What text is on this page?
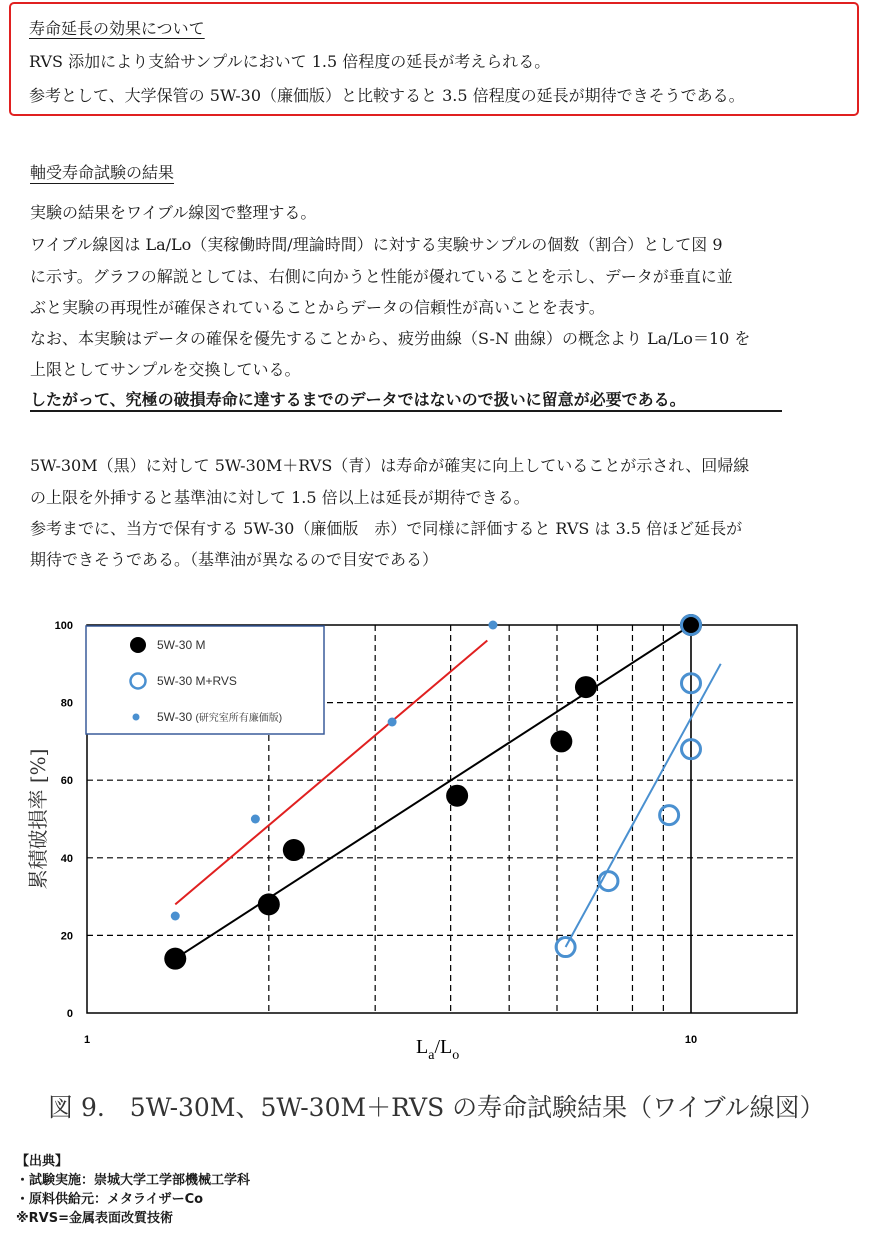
寿命延長の効果について
RVS 添加により支給サンプルにおいて 1.5 倍程度の延長が考えられる。
参考として、大学保管の 5W-30（廉価版）と比較すると 3.5 倍程度の延長が期待できそうである。
軸受寿命試験の結果
実験の結果をワイブル線図で整理する。
ワイブル線図は La/Lo（実稼働時間/理論時間）に対する実験サンプルの個数（割合）として図 9
に示す。グラフの解説としては、右側に向かうと性能が優れていることを示し、データが垂直に並
ぶと実験の再現性が確保されていることからデータの信頼性が高いことを表す。
なお、本実験はデータの確保を優先することから、疲労曲線（S-N 曲線）の概念より La/Lo＝10 を
上限としてサンプルを交換している。
したがって、究極の破損寿命に達するまでのデータではないので扱いに留意が必要である。
5W-30M（黒）に対して 5W-30M＋RVS（青）は寿命が確実に向上していることが示され、回帰線
の上限を外挿すると基準油に対して 1.5 倍以上は延長が期待できる。
参考までに、当方で保有する 5W-30（廉価版　赤）で同様に評価すると RVS は 3.5 倍ほど延長が
期待できそうである。（基準油が異なるので目安である）
0
20
40
60
80
100
1	10
$L_a/L_o$
累積破損率 [%]
5W-30 M
5W-30 M+RVS
5W-30 (研究室所有廉価版)
図 9.　5W-30M、5W-30M＋RVS の寿命試験結果（ワイブル線図）
【出典】
・試験実施：崇城大学工学部機械工学科
・原料供給元：メタライザーCo
※RVS=金属表面改質技術
